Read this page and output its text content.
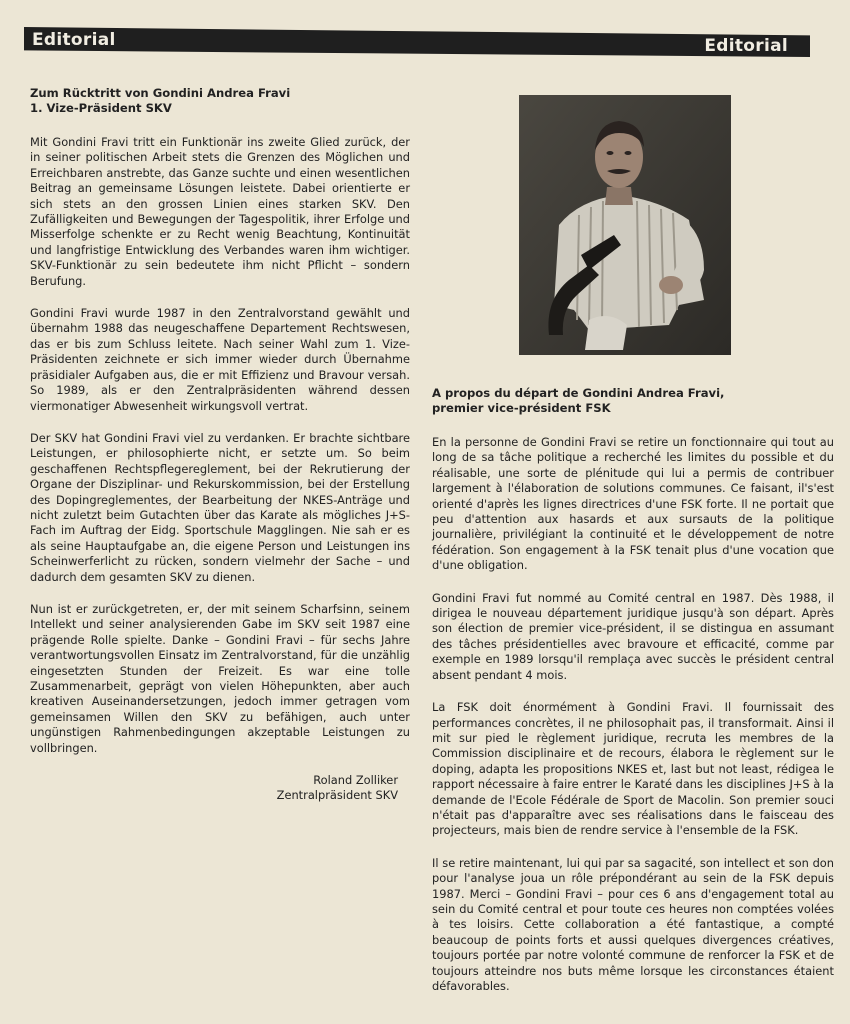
Editorial	Editorial
Zum Rücktritt von Gondini Andrea Fravi
1. Vize-Präsident SKV

Mit Gondini Fravi tritt ein Funktionär ins zweite Glied zurück, der in seiner politischen Arbeit stets die Grenzen des Möglichen und Erreichbaren anstrebte, das Ganze suchte und einen wesentlichen Beitrag an gemeinsame Lösungen leistete. Dabei orientierte er sich stets an den grossen Linien eines starken SKV. Den Zufälligkeiten und Bewegungen der Tagespolitik, ihrer Erfolge und Misserfolge schenkte er zu Recht wenig Beachtung, Kontinuität und langfristige Entwicklung des Verbandes waren ihm wichtiger. SKV-Funktionär zu sein bedeutete ihm nicht Pflicht – sondern Berufung.

Gondini Fravi wurde 1987 in den Zentralvorstand gewählt und übernahm 1988 das neugeschaffene Departement Rechtswesen, das er bis zum Schluss leitete. Nach seiner Wahl zum 1. Vize-Präsidenten zeichnete er sich immer wieder durch Übernahme präsidialer Aufgaben aus, die er mit Effizienz und Bravour versah. So 1989, als er den Zentralpräsidenten während dessen viermonatiger Abwesenheit wirkungsvoll vertrat.

Der SKV hat Gondini Fravi viel zu verdanken. Er brachte sichtbare Leistungen, er philosophierte nicht, er setzte um. So beim geschaffenen Rechtspflegereglement, bei der Rekrutierung der Organe der Disziplinar- und Rekurskommission, bei der Erstellung des Dopingreglementes, der Bearbeitung der NKES-Anträge und nicht zuletzt beim Gutachten über das Karate als mögliches J+S-Fach im Auftrag der Eidg. Sportschule Magglingen. Nie sah er es als seine Hauptaufgabe an, die eigene Person und Leistungen ins Scheinwerferlicht zu rücken, sondern vielmehr der Sache – und dadurch dem gesamten SKV zu dienen.

Nun ist er zurückgetreten, er, der mit seinem Scharfsinn, seinem Intellekt und seiner analysierenden Gabe im SKV seit 1987 eine prägende Rolle spielte. Danke – Gondini Fravi – für sechs Jahre verantwortungsvollen Einsatz im Zentralvorstand, für die unzählig eingesetzten Stunden der Freizeit. Es war eine tolle Zusammenarbeit, geprägt von vielen Höhepunkten, aber auch kreativen Auseinandersetzungen, jedoch immer getragen vom gemeinsamen Willen den SKV zu befähigen, auch unter ungünstigen Rahmenbedingungen akzeptable Leistungen zu vollbringen.

Roland Zolliker
Zentralpräsident SKV
A propos du départ de Gondini Andrea Fravi,
premier vice-président FSK

En la personne de Gondini Fravi se retire un fonctionnaire qui tout au long de sa tâche politique a recherché les limites du possible et du réalisable, une sorte de plénitude qui lui a permis de contribuer largement à l'élaboration de solutions communes. Ce faisant, il's'est orienté d'après les lignes directrices d'une FSK forte. Il ne portait que peu d'attention aux hasards et aux sursauts de la politique journalière, privilégiant la continuité et le développement de notre fédération. Son engagement à la FSK tenait plus d'une vocation que d'une obligation.

Gondini Fravi fut nommé au Comité central en 1987. Dès 1988, il dirigea le nouveau département juridique jusqu'à son départ. Après son élection de premier vice-président, il se distingua en assumant des tâches présidentielles avec bravoure et efficacité, comme par exemple en 1989 lorsqu'il remplaça avec succès le président central absent pendant 4 mois.

La FSK doit énormément à Gondini Fravi. Il fournissait des performances concrètes, il ne philosophait pas, il transformait. Ainsi il mit sur pied le règlement juridique, recruta les membres de la Commission disciplinaire et de recours, élabora le règlement sur le doping, adapta les propositions NKES et, last but not least, rédigea le rapport nécessaire à faire entrer le Karaté dans les disciplines J+S à la demande de l'Ecole Fédérale de Sport de Macolin. Son premier souci n'était pas d'apparaître avec ses réalisations dans le faisceau des projecteurs, mais bien de rendre service à l'ensemble de la FSK.

Il se retire maintenant, lui qui par sa sagacité, son intellect et son don pour l'analyse joua un rôle prépondérant au sein de la FSK depuis 1987. Merci – Gondini Fravi – pour ces 6 ans d'engagement total au sein du Comité central et pour toute ces heures non comptées volées à tes loisirs. Cette collaboration a été fantastique, a compté beaucoup de points forts et aussi quelques divergences créatives, toujours portée par notre volonté commune de renforcer la FSK et de toujours atteindre nos buts même lorsque les circonstances étaient défavorables.
